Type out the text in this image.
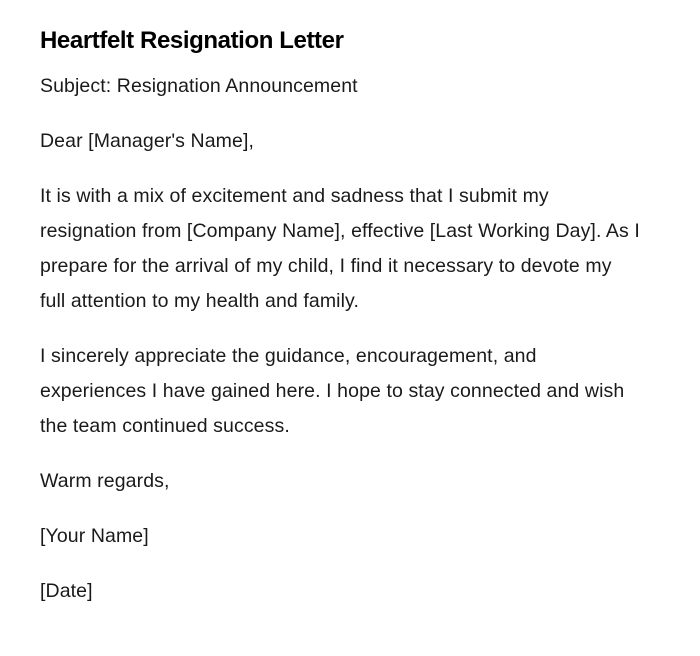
Heartfelt Resignation Letter

Subject: Resignation Announcement

Dear [Manager's Name],

It is with a mix of excitement and sadness that I submit my resignation from [Company Name], effective [Last Working Day]. As I prepare for the arrival of my child, I find it necessary to devote my full attention to my health and family.

I sincerely appreciate the guidance, encouragement, and experiences I have gained here. I hope to stay connected and wish the team continued success.

Warm regards,

[Your Name]

[Date]
